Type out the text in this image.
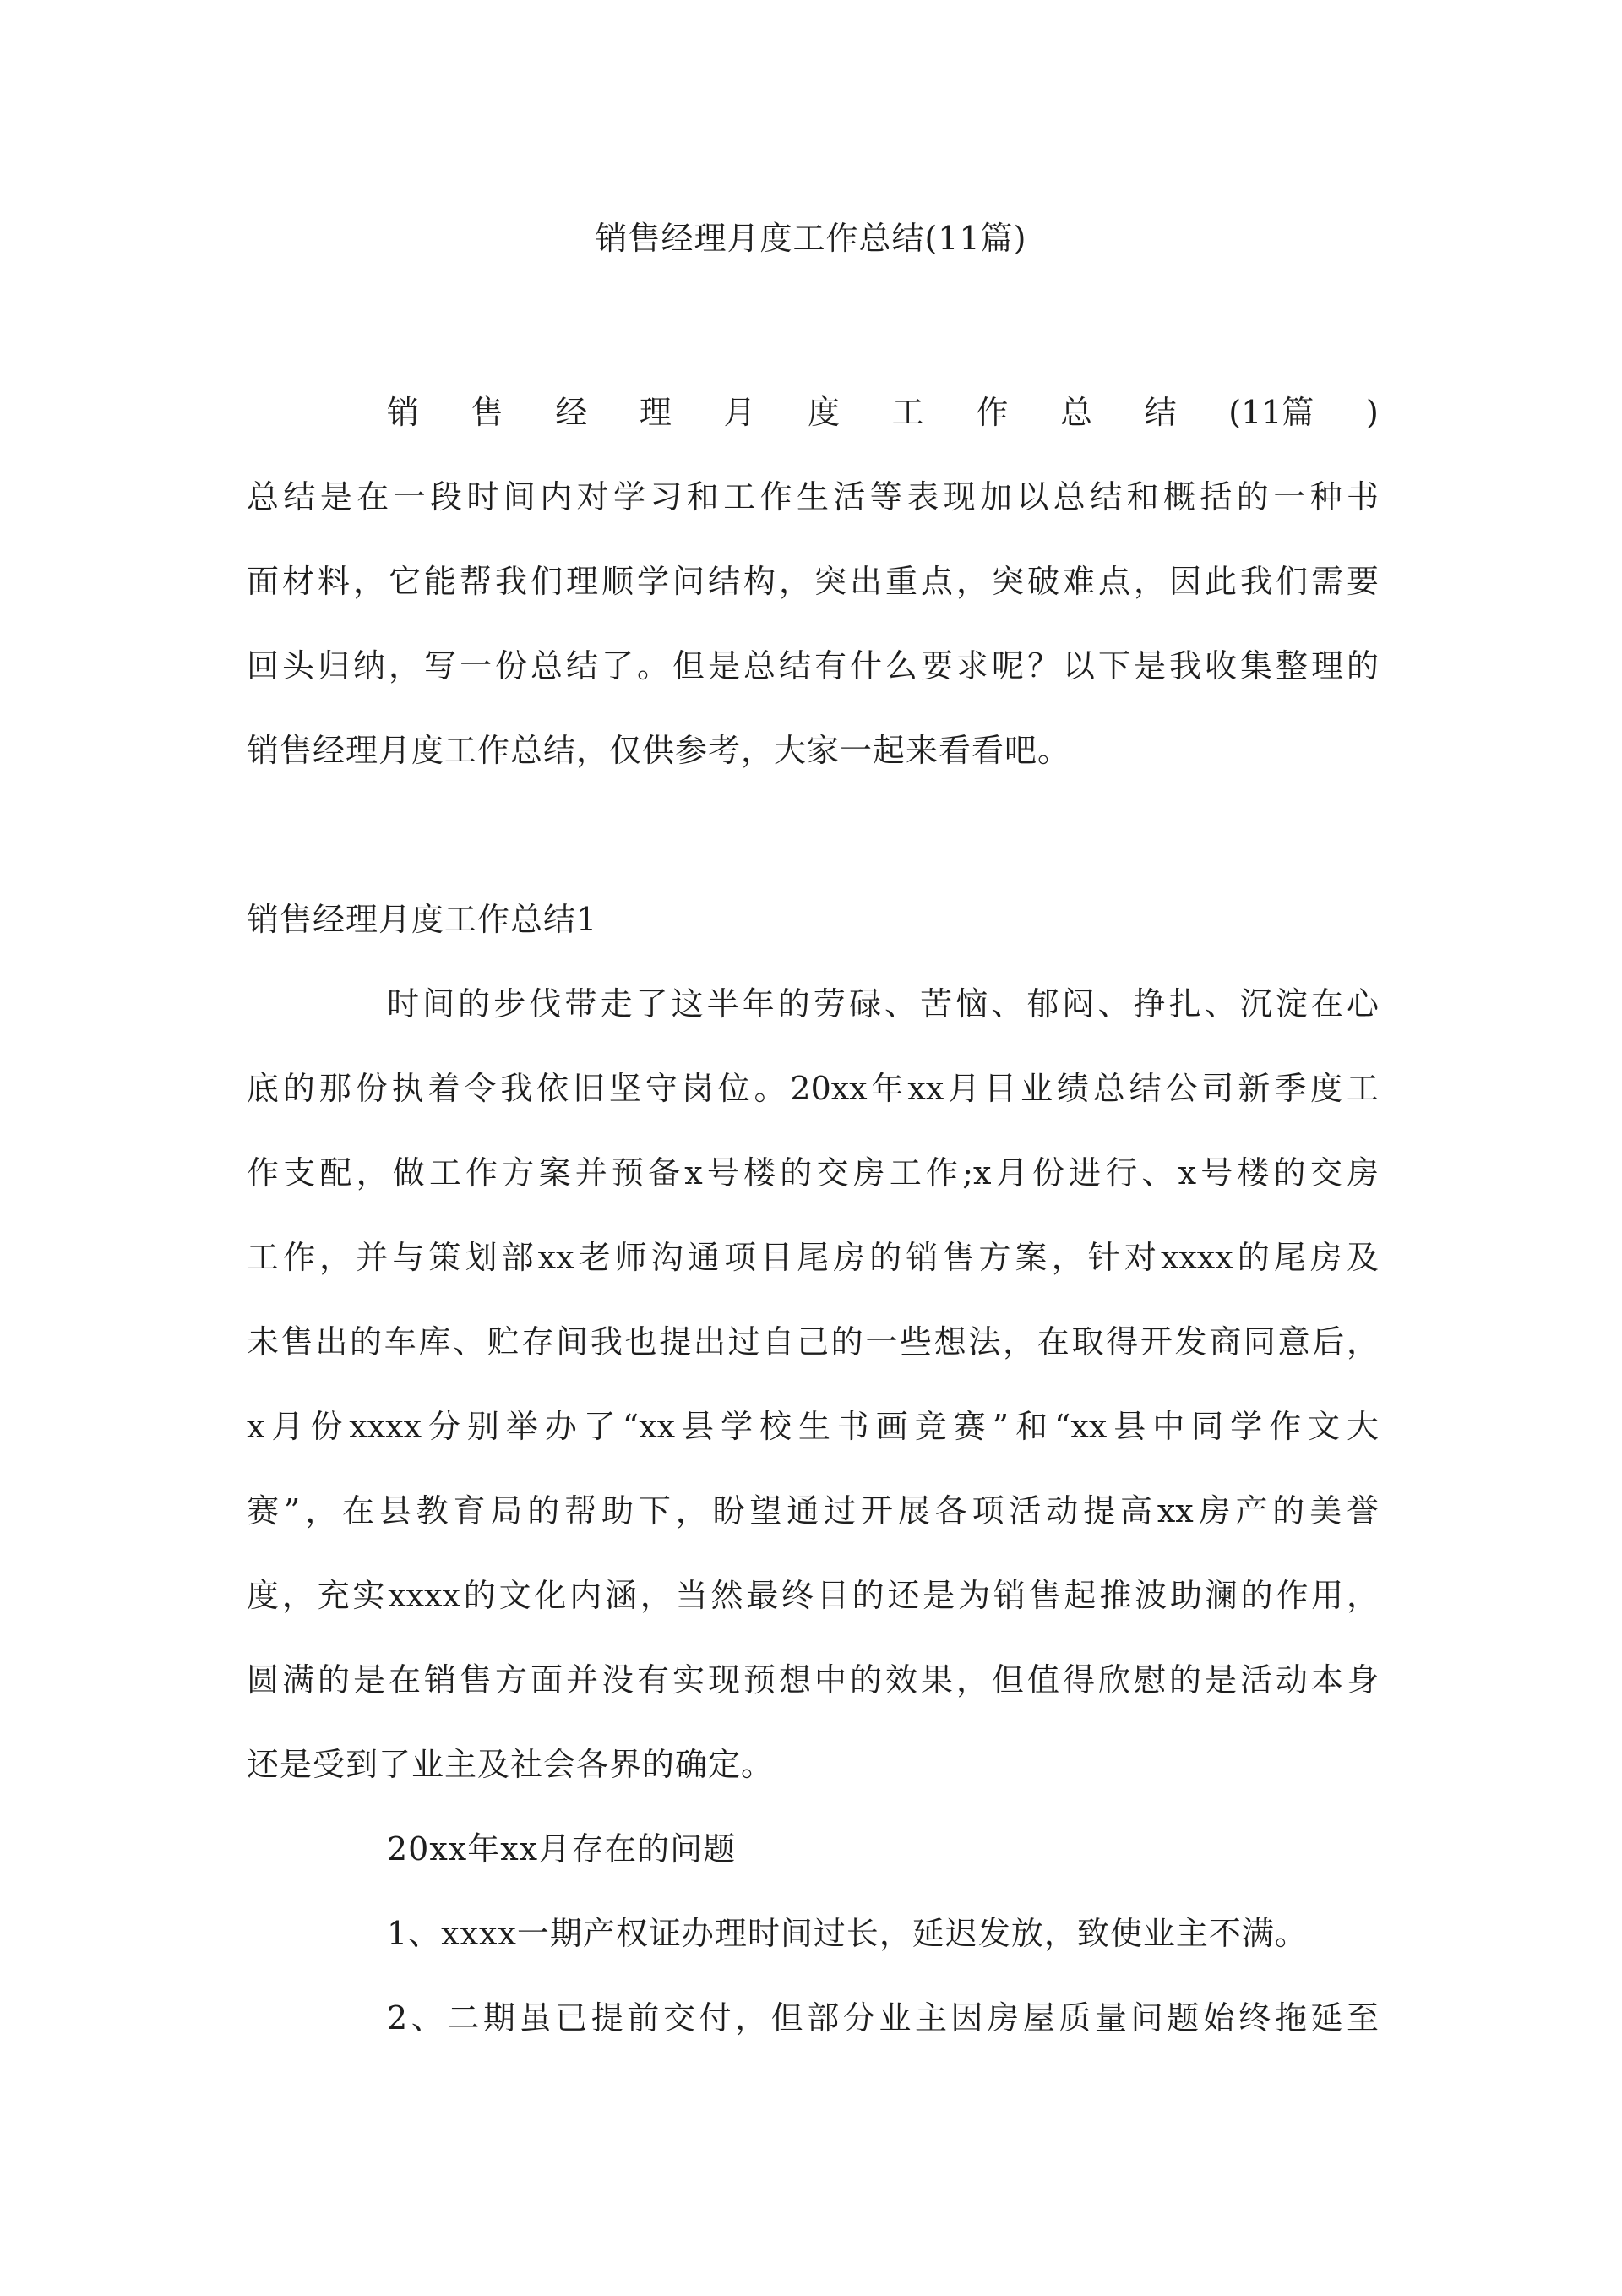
销售经理月度工作总结(11篇)
销 售 经 理 月 度 工 作 总 结 (11篇 )
总结是在一段时间内对学习和工作生活等表现加以总结和概括的一种书
面材料，它能帮我们理顺学问结构，突出重点，突破难点，因此我们需要
回头归纳，写一份总结了。但是总结有什么要求呢？以下是我收集整理的
销售经理月度工作总结，仅供参考，大家一起来看看吧。
销售经理月度工作总结1
时间的步伐带走了这半年的劳碌、苦恼、郁闷、挣扎、沉淀在心
底的那份执着令我依旧坚守岗位。20xx年xx月目业绩总结公司新季度工
作支配，做工作方案并预备x号楼的交房工作;x月份进行、x号楼的交房
工作，并与策划部xx老师沟通项目尾房的销售方案，针对xxxx的尾房及
未售出的车库、贮存间我也提出过自己的一些想法，在取得开发商同意后，
x月份xxxx分别举办了“xx县学校生书画竞赛”和“xx县中同学作文大
赛”，在县教育局的帮助下，盼望通过开展各项活动提高xx房产的美誉
度，充实xxxx的文化内涵，当然最终目的还是为销售起推波助澜的作用，
圆满的是在销售方面并没有实现预想中的效果，但值得欣慰的是活动本身
还是受到了业主及社会各界的确定。
20xx年xx月存在的问题
1、xxxx一期产权证办理时间过长，延迟发放，致使业主不满。
2、二期虽已提前交付，但部分业主因房屋质量问题始终拖延至
